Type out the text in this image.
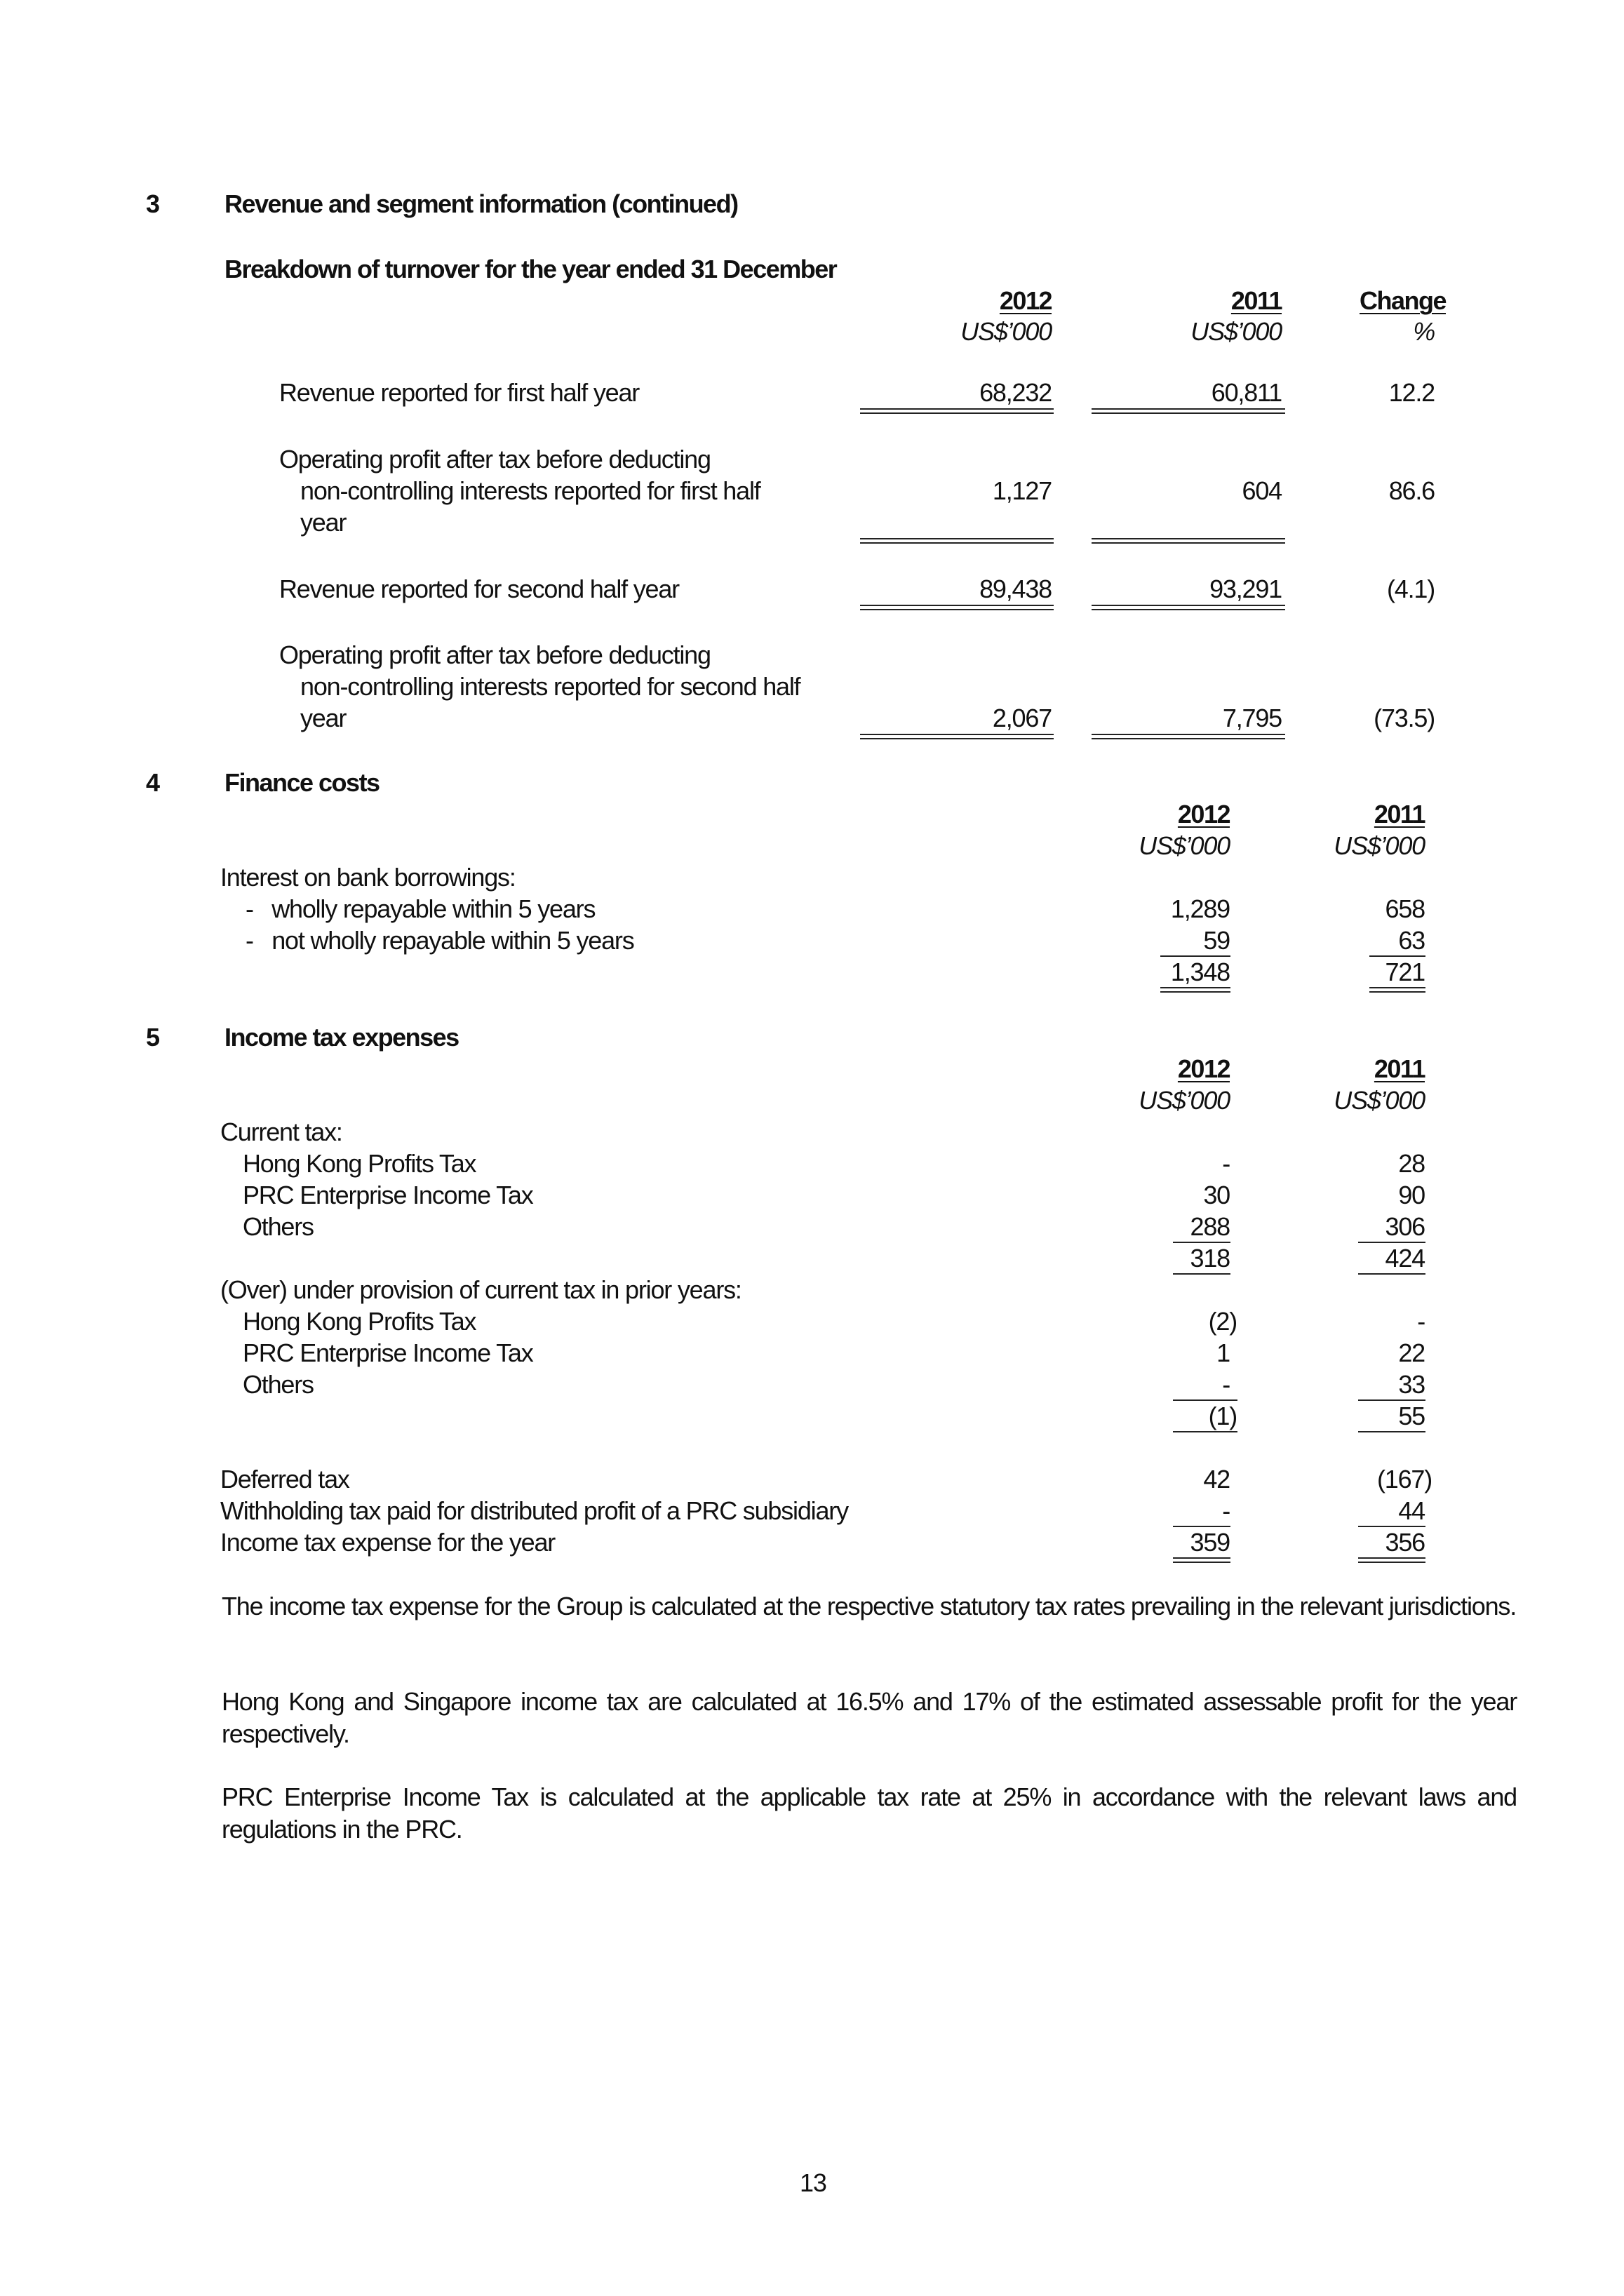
3	Revenue and segment information (continued)
Breakdown of turnover for the year ended 31 December
2012	2011	Change
US$’000	US$’000	%
Revenue reported for first half year	68,232	60,811	12.2
Operating profit after tax before deducting
non-controlling interests reported for first half
year
1,127	604	86.6
Revenue reported for second half year	89,438	93,291	(4.1)
Operating profit after tax before deducting
non-controlling interests reported for second half
year	2,067	7,795	(73.5)
4	Finance costs
2012	2011
US$’000	US$’000
Interest on bank borrowings:
-   wholly repayable within 5 years	1,289	658
-   not wholly repayable within 5 years	59	63
1,348	721
5	Income tax expenses
2012	2011
US$’000	US$’000
Current tax:
Hong Kong Profits Tax	-	28
PRC Enterprise Income Tax	30	90
Others	288	306
318	424
(Over) under provision of current tax in prior years:
Hong Kong Profits Tax	(2)	-
PRC Enterprise Income Tax	1	22
Others	-	33
(1)	55
Deferred tax	42	(167)
Withholding tax paid for distributed profit of a PRC subsidiary	-	44
Income tax expense for the year	359	356
The income tax expense for the Group is calculated at the respective statutory tax rates prevailing in the relevant jurisdictions.
Hong Kong and Singapore income tax are calculated at 16.5% and 17% of the estimated assessable profit for the year respectively.
PRC Enterprise Income Tax is calculated at the applicable tax rate at 25% in accordance with the relevant laws and regulations in the PRC.
13
